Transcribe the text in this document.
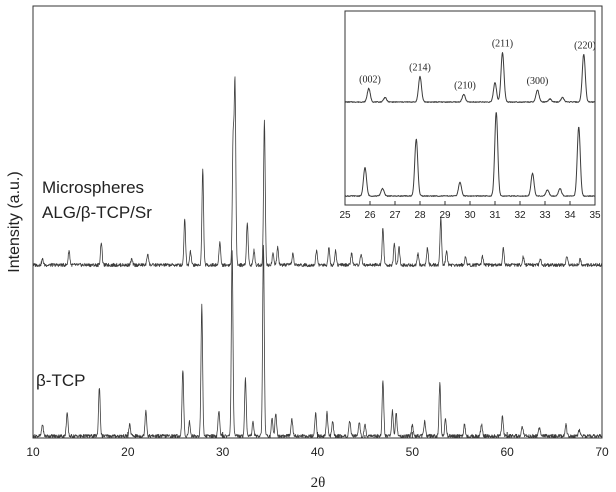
10	20	30	40	50	60	70
2θ
Intensity (a.u.) Microspheres
ALG/β-TCP/Sr
β-TCP
25 26 27 28 29 30 31 32 33 34 35
(002)
(214)
(210)
(211)
(300)
(220)
